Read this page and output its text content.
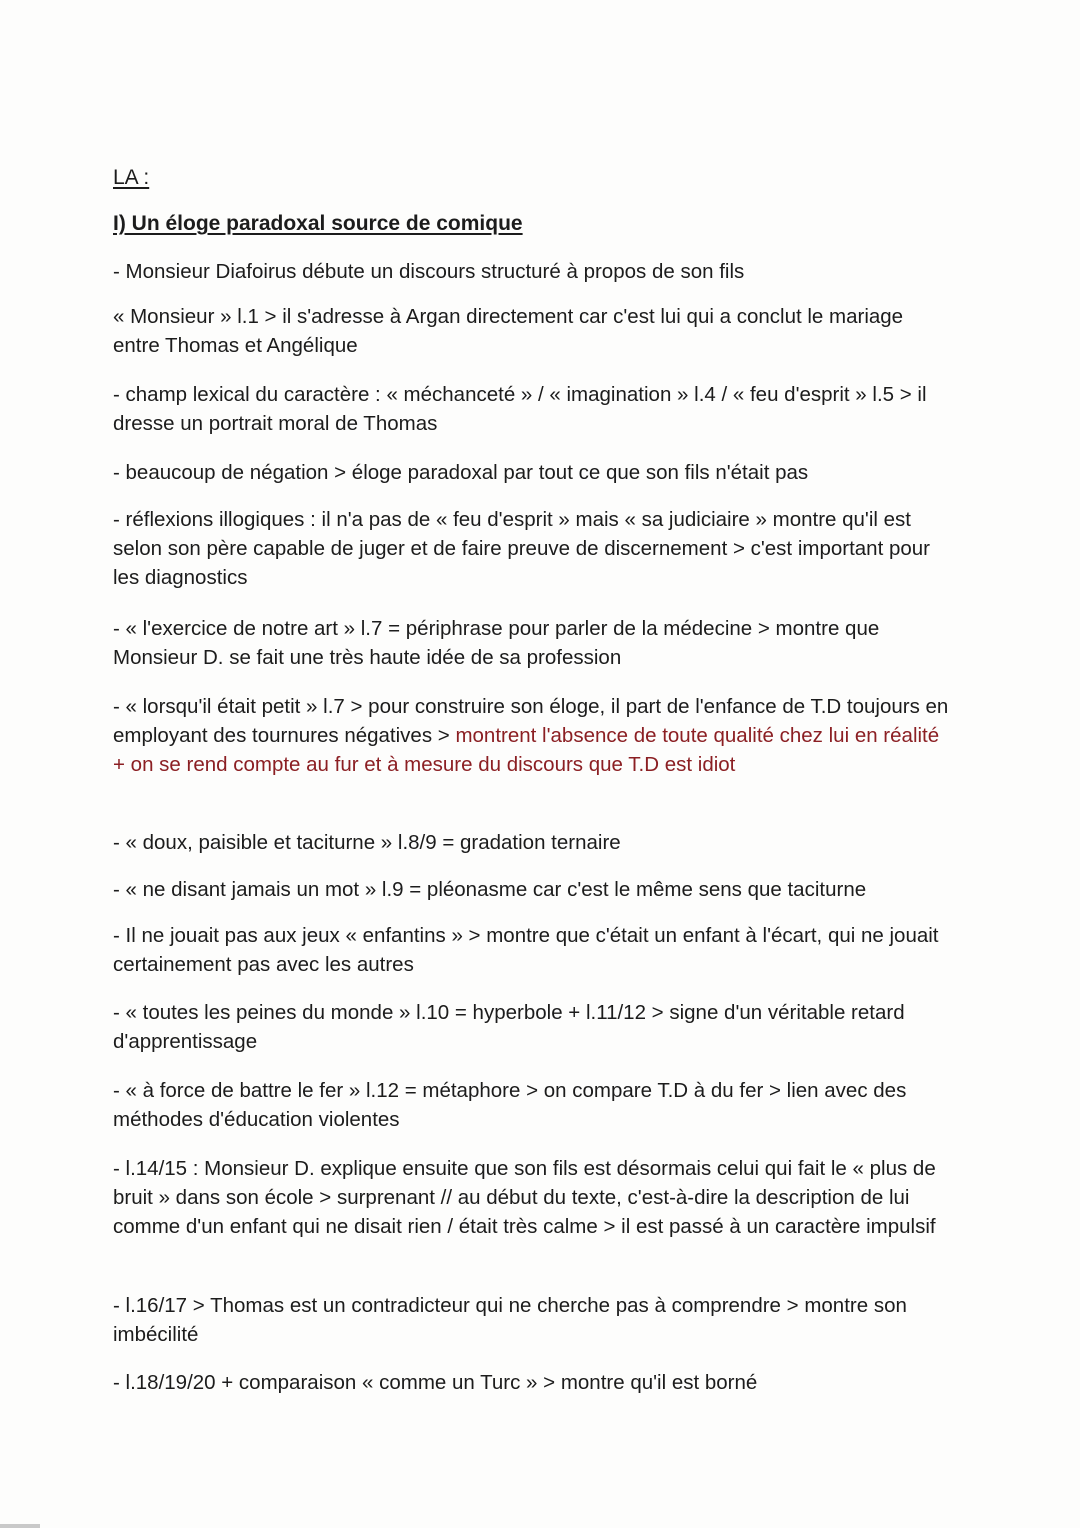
LA :
I) Un éloge paradoxal source de comique
- Monsieur Diafoirus débute un discours structuré à propos de son fils
« Monsieur » l.1 > il s'adresse à Argan directement car c'est lui qui a conclut le mariage entre Thomas et Angélique
- champ lexical du caractère : « méchanceté » / « imagination » l.4 / « feu d'esprit » l.5 > il dresse un portrait moral de Thomas
- beaucoup de négation > éloge paradoxal par tout ce que son fils n'était pas
- réflexions illogiques : il n'a pas de « feu d'esprit » mais « sa judiciaire » montre qu'il est selon son père capable de juger et de faire preuve de discernement > c'est important pour les diagnostics
- « l'exercice de notre art » l.7 = périphrase pour parler de la médecine > montre que Monsieur D. se fait une très haute idée de sa profession
- « lorsqu'il était petit » l.7 > pour construire son éloge, il part de l'enfance de T.D toujours en employant des tournures négatives > montrent l'absence de toute qualité chez lui en réalité + on se rend compte au fur et à mesure du discours que T.D est idiot
- « doux, paisible et taciturne » l.8/9 = gradation ternaire
- « ne disant jamais un mot » l.9 = pléonasme car c'est le même sens que taciturne
- Il ne jouait pas aux jeux « enfantins » > montre que c'était un enfant à l'écart, qui ne jouait certainement pas avec les autres
- « toutes les peines du monde » l.10 = hyperbole + l.11/12 > signe d'un véritable retard d'apprentissage
- « à force de battre le fer » l.12 = métaphore > on compare T.D à du fer > lien avec des méthodes d'éducation violentes
- l.14/15 : Monsieur D. explique ensuite que son fils est désormais celui qui fait le « plus de bruit » dans son école > surprenant // au début du texte, c'est-à-dire la description de lui comme d'un enfant qui ne disait rien / était très calme > il est passé à un caractère impulsif
- l.16/17 > Thomas est un contradicteur qui ne cherche pas à comprendre > montre son imbécilité
- l.18/19/20 + comparaison « comme un Turc » > montre qu'il est borné
